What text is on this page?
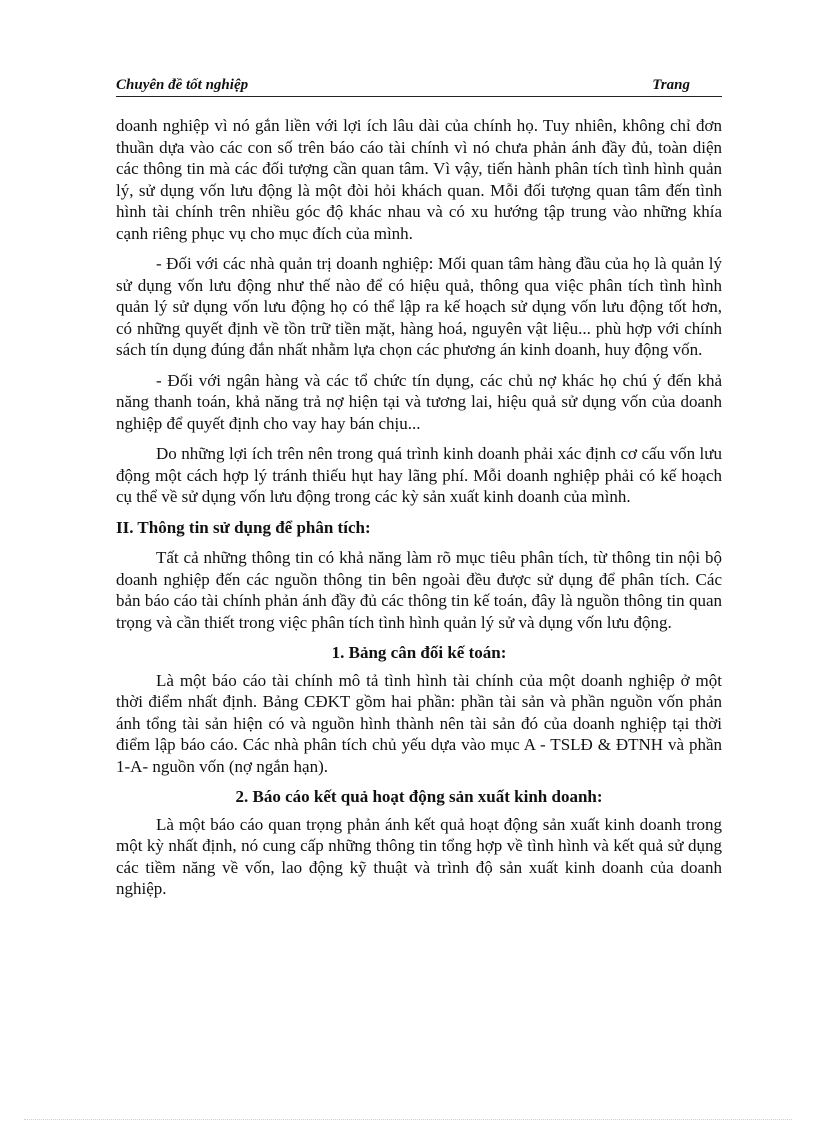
Chuyên đề tốt nghiệp	Trang

doanh nghiệp vì nó gắn liền với lợi ích lâu dài của chính họ. Tuy nhiên, không chỉ đơn thuần dựa vào các con số trên báo cáo tài chính vì nó chưa phản ánh đầy đủ, toàn diện các thông tin mà các đối tượng cần quan tâm. Vì vậy, tiến hành phân tích tình hình quản lý, sử dụng vốn lưu động là một đòi hỏi khách quan. Mỗi đối tượng quan tâm đến tình hình tài chính trên nhiều góc độ khác nhau và có xu hướng tập trung vào những khía cạnh riêng phục vụ cho mục đích của mình.

- Đối với các nhà quản trị doanh nghiệp: Mối quan tâm hàng đầu của họ là quản lý sử dụng vốn lưu động như thế nào để có hiệu quả, thông qua việc phân tích tình hình quản lý sử dụng vốn lưu động họ có thể lập ra kế hoạch sử dụng vốn lưu động tốt hơn, có những quyết định về tồn trữ tiền mặt, hàng hoá, nguyên vật liệu... phù hợp với chính sách tín dụng đúng đắn nhất nhằm lựa chọn các phương án kinh doanh, huy động vốn.

- Đối với ngân hàng và các tổ chức tín dụng, các chủ nợ khác họ chú ý đến khả năng thanh toán, khả năng trả nợ hiện tại và tương lai, hiệu quả sử dụng vốn của doanh nghiệp để quyết định cho vay hay bán chịu...

Do những lợi ích trên nên trong quá trình kinh doanh phải xác định cơ cấu vốn lưu động một cách hợp lý tránh thiếu hụt hay lãng phí. Mỗi doanh nghiệp phải có kế hoạch cụ thể về sử dụng vốn lưu động trong các kỳ sản xuất kinh doanh của mình.

II. Thông tin sử dụng để phân tích:

Tất cả những thông tin có khả năng làm rõ mục tiêu phân tích, từ thông tin nội bộ doanh nghiệp đến các nguồn thông tin bên ngoài đều được sử dụng để phân tích. Các bản báo cáo tài chính phản ánh đầy đủ các thông tin kế toán, đây là nguồn thông tin quan trọng và cần thiết trong việc phân tích tình hình quản lý sử và dụng vốn lưu động.

1. Bảng cân đối kế toán:

Là một báo cáo tài chính mô tả tình hình tài chính của một doanh nghiệp ở một thời điểm nhất định. Bảng CĐKT gồm hai phần: phần tài sản và phần nguồn vốn phản ánh tổng tài sản hiện có và nguồn hình thành nên tài sản đó của doanh nghiệp tại thời điểm lập báo cáo. Các nhà phân tích chủ yếu dựa vào mục A - TSLĐ & ĐTNH và phần 1-A- nguồn vốn (nợ ngắn hạn).

2. Báo cáo kết quả hoạt động sản xuất kinh doanh:

Là một báo cáo quan trọng phản ánh kết quả hoạt động sản xuất kinh doanh trong một kỳ nhất định, nó cung cấp những thông tin tổng hợp về tình hình và kết quả sử dụng các tiềm năng về vốn, lao động kỹ thuật và trình độ sản xuất kinh doanh của doanh nghiệp.
